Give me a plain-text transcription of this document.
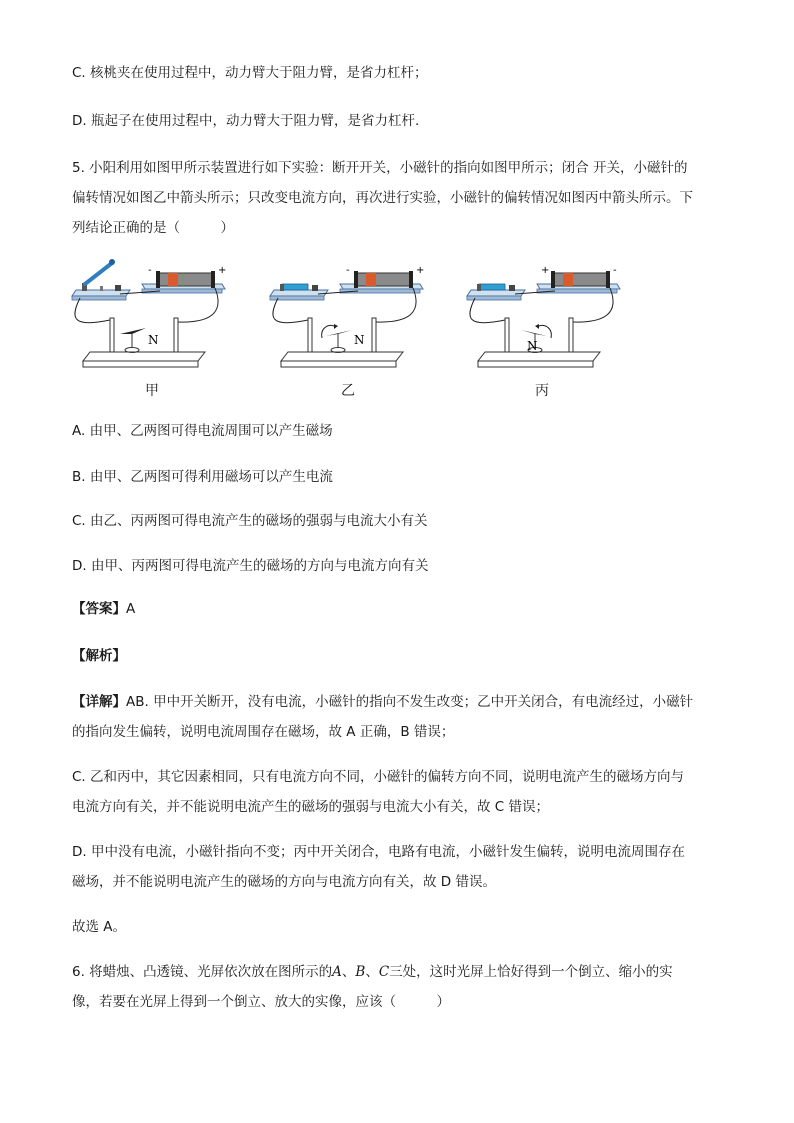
C. 核桃夹在使用过程中，动力臂大于阻力臂，是省力杠杆；
D. 瓶起子在使用过程中，动力臂大于阻力臂，是省力杠杆.
5. 小阳利用如图甲所示装置进行如下实验：断开开关，小磁针的指向如图甲所示；闭合 开关，小磁针的
偏转情况如图乙中箭头所示；只改变电流方向，再次进行实验，小磁针的偏转情况如图丙中箭头所示。下
列结论正确的是（　　　）
-	+
N
甲
-	+
N
乙
+	-
N
丙
A. 由甲、乙两图可得电流周围可以产生磁场
B. 由甲、乙两图可得利用磁场可以产生电流
C. 由乙、丙两图可得电流产生的磁场的强弱与电流大小有关
D. 由甲、丙两图可得电流产生的磁场的方向与电流方向有关
【答案】A
【解析】
【详解】AB. 甲中开关断开，没有电流，小磁针的指向不发生改变；乙中开关闭合，有电流经过，小磁针
的指向发生偏转，说明电流周围存在磁场，故 A 正确，B 错误；
C. 乙和丙中，其它因素相同，只有电流方向不同，小磁针的偏转方向不同，说明电流产生的磁场方向与
电流方向有关，并不能说明电流产生的磁场的强弱与电流大小有关，故 C 错误；
D. 甲中没有电流，小磁针指向不变；丙中开关闭合，电路有电流，小磁针发生偏转，说明电流周围存在
磁场，并不能说明电流产生的磁场的方向与电流方向有关，故 D 错误。
故选 A。
6. 将蜡烛、凸透镜、光屏依次放在图所示的A、B、C三处，这时光屏上恰好得到一个倒立、缩小的实
像，若要在光屏上得到一个倒立、放大的实像，应该（　　　）
